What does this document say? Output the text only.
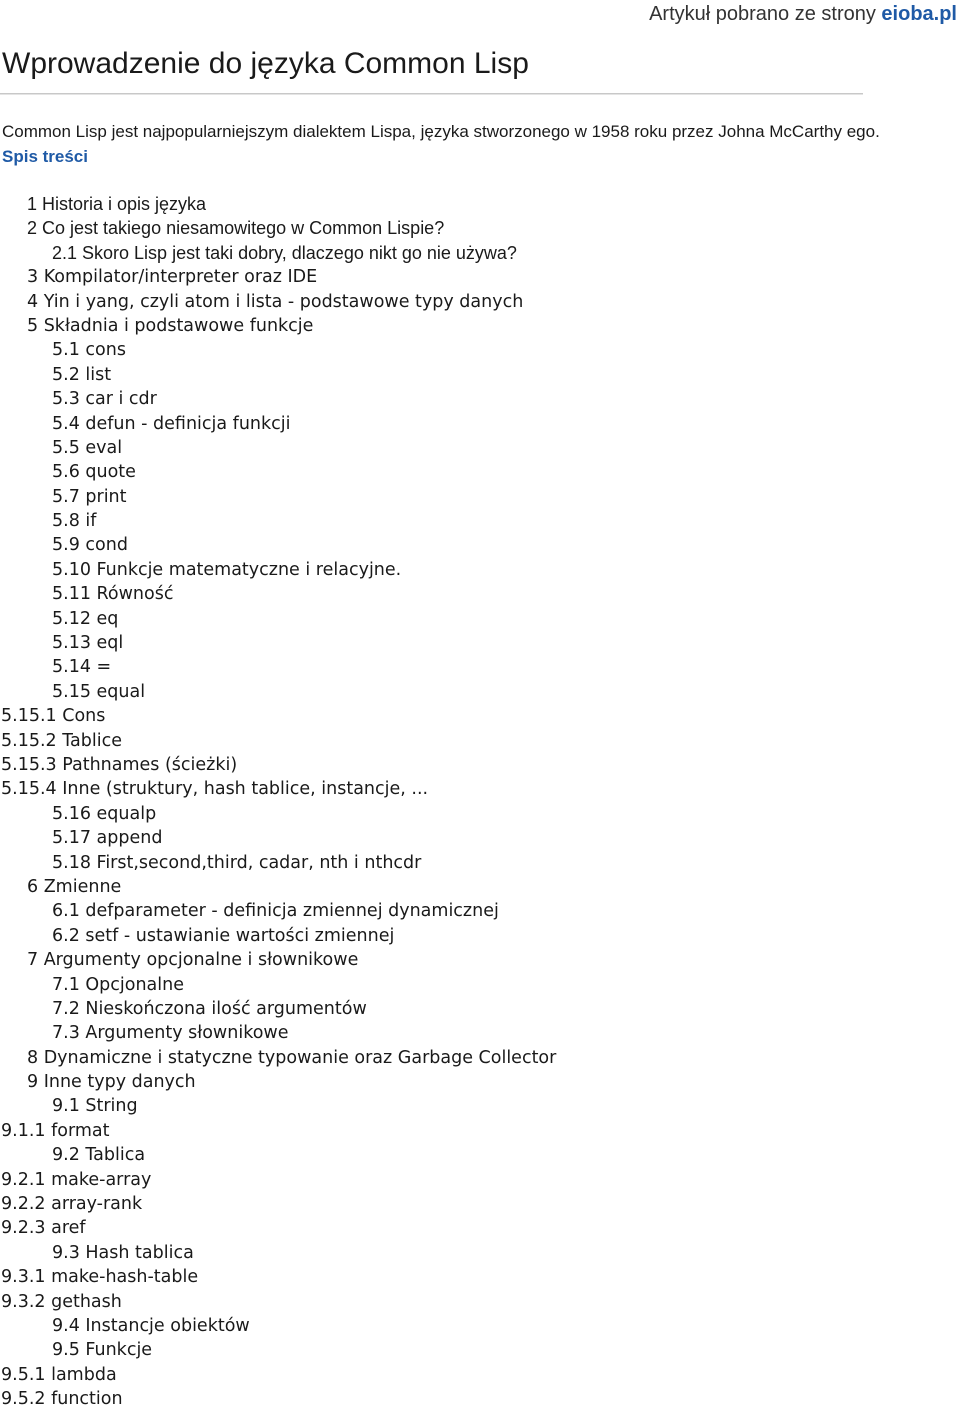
Artykuł pobrano ze strony eioba.pl
Wprowadzenie do języka Common Lisp

Common Lisp jest najpopularniejszym dialektem Lispa, języka stworzonego w 1958 roku przez Johna McCarthy ego.

Spis treści

1 Historia i opis języka
2 Co jest takiego niesamowitego w Common Lispie?
2.1 Skoro Lisp jest taki dobry, dlaczego nikt go nie używa?
3 Kompilator/interpreter oraz IDE
4 Yin i yang, czyli atom i lista - podstawowe typy danych
5 Składnia i podstawowe funkcje
5.1 cons
5.2 list
5.3 car i cdr
5.4 defun - definicja funkcji
5.5 eval
5.6 quote
5.7 print
5.8 if
5.9 cond
5.10 Funkcje matematyczne i relacyjne.
5.11 Równość
5.12 eq
5.13 eql
5.14 =
5.15 equal
5.15.1 Cons
5.15.2 Tablice
5.15.3 Pathnames (ścieżki)
5.15.4 Inne (struktury, hash tablice, instancje, ...
5.16 equalp
5.17 append
5.18 First,second,third, cadar, nth i nthcdr
6 Zmienne
6.1 defparameter - definicja zmiennej dynamicznej
6.2 setf - ustawianie wartości zmiennej
7 Argumenty opcjonalne i słownikowe
7.1 Opcjonalne
7.2 Nieskończona ilość argumentów
7.3 Argumenty słownikowe
8 Dynamiczne i statyczne typowanie oraz Garbage Collector
9 Inne typy danych
9.1 String
9.1.1 format
9.2 Tablica
9.2.1 make-array
9.2.2 array-rank
9.2.3 aref
9.3 Hash tablica
9.3.1 make-hash-table
9.3.2 gethash
9.4 Instancje obiektów
9.5 Funkcje
9.5.1 lambda
9.5.2 function
